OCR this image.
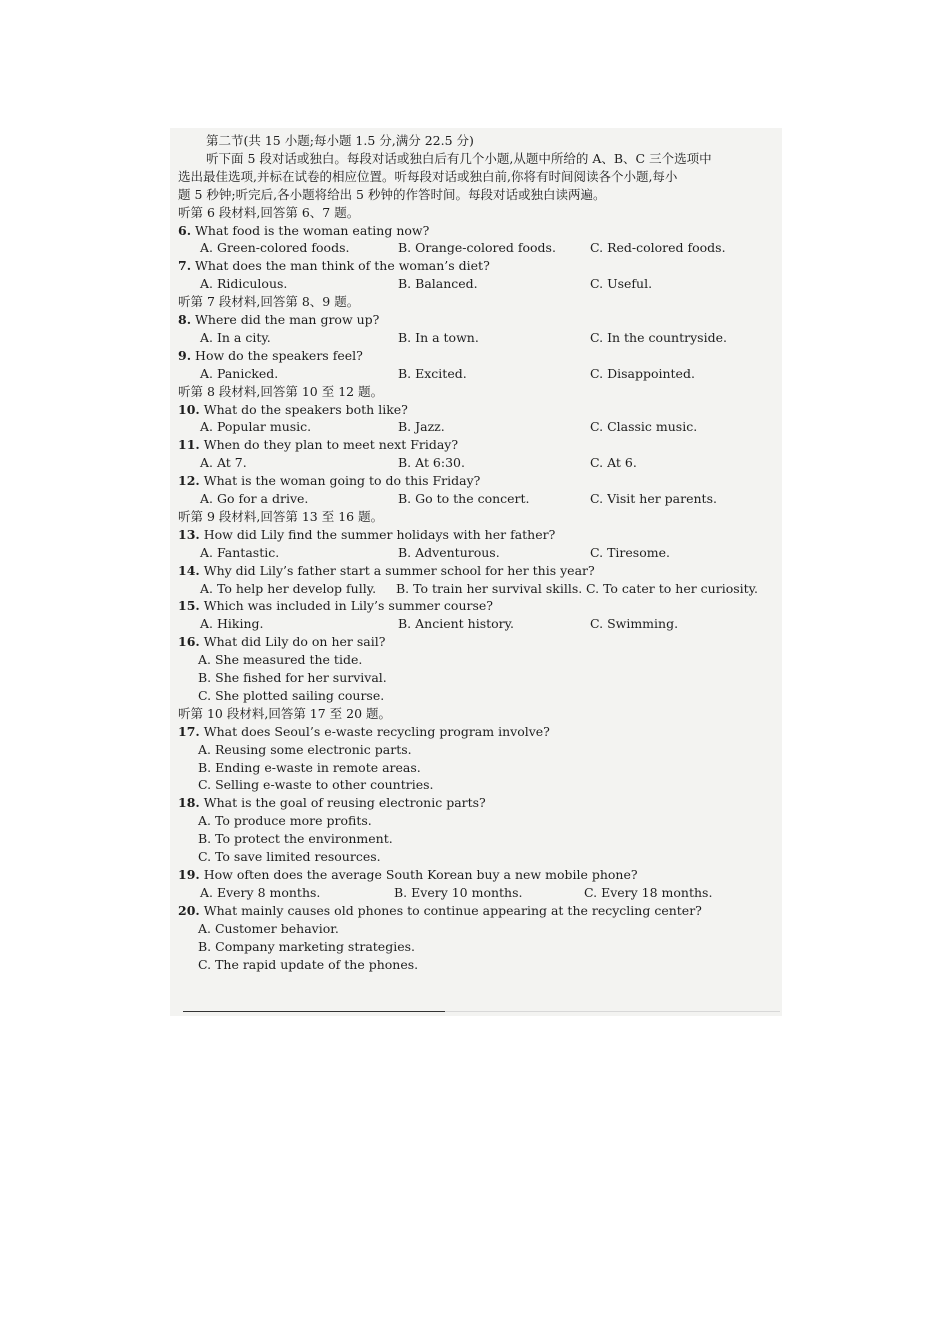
第二节(共 15 小题;每小题 1.5 分,满分 22.5 分)
听下面 5 段对话或独白。每段对话或独白后有几个小题,从题中所给的 A、B、C 三个选项中
选出最佳选项,并标在试卷的相应位置。听每段对话或独白前,你将有时间阅读各个小题,每小
题 5 秒钟;听完后,各小题将给出 5 秒钟的作答时间。每段对话或独白读两遍。
听第 6 段材料,回答第 6、7 题。
6. What food is the woman eating now?
A. Green-colored foods.	B. Orange-colored foods.	C. Red-colored foods.
7. What does the man think of the woman’s diet?
A. Ridiculous.	B. Balanced.	C. Useful.
听第 7 段材料,回答第 8、9 题。
8. Where did the man grow up?
A. In a city.	B. In a town.	C. In the countryside.
9. How do the speakers feel?
A. Panicked.	B. Excited.	C. Disappointed.
听第 8 段材料,回答第 10 至 12 题。
10. What do the speakers both like?
A. Popular music.	B. Jazz.	C. Classic music.
11. When do they plan to meet next Friday?
A. At 7.	B. At 6:30.	C. At 6.
12. What is the woman going to do this Friday?
A. Go for a drive.	B. Go to the concert.	C. Visit her parents.
听第 9 段材料,回答第 13 至 16 题。
13. How did Lily find the summer holidays with her father?
A. Fantastic.	B. Adventurous.	C. Tiresome.
14. Why did Lily’s father start a summer school for her this year?
A. To help her develop fully. B. To train her survival skills. C. To cater to her curiosity.
15. Which was included in Lily’s summer course?
A. Hiking.	B. Ancient history.	C. Swimming.
16. What did Lily do on her sail?
A. She measured the tide.
B. She fished for her survival.
C. She plotted sailing course.
听第 10 段材料,回答第 17 至 20 题。
17. What does Seoul’s e-waste recycling program involve?
A. Reusing some electronic parts.
B. Ending e-waste in remote areas.
C. Selling e-waste to other countries.
18. What is the goal of reusing electronic parts?
A. To produce more profits.
B. To protect the environment.
C. To save limited resources.
19. How often does the average South Korean buy a new mobile phone?
A. Every 8 months.	B. Every 10 months.	C. Every 18 months.
20. What mainly causes old phones to continue appearing at the recycling center?
A. Customer behavior.
B. Company marketing strategies.
C. The rapid update of the phones.
